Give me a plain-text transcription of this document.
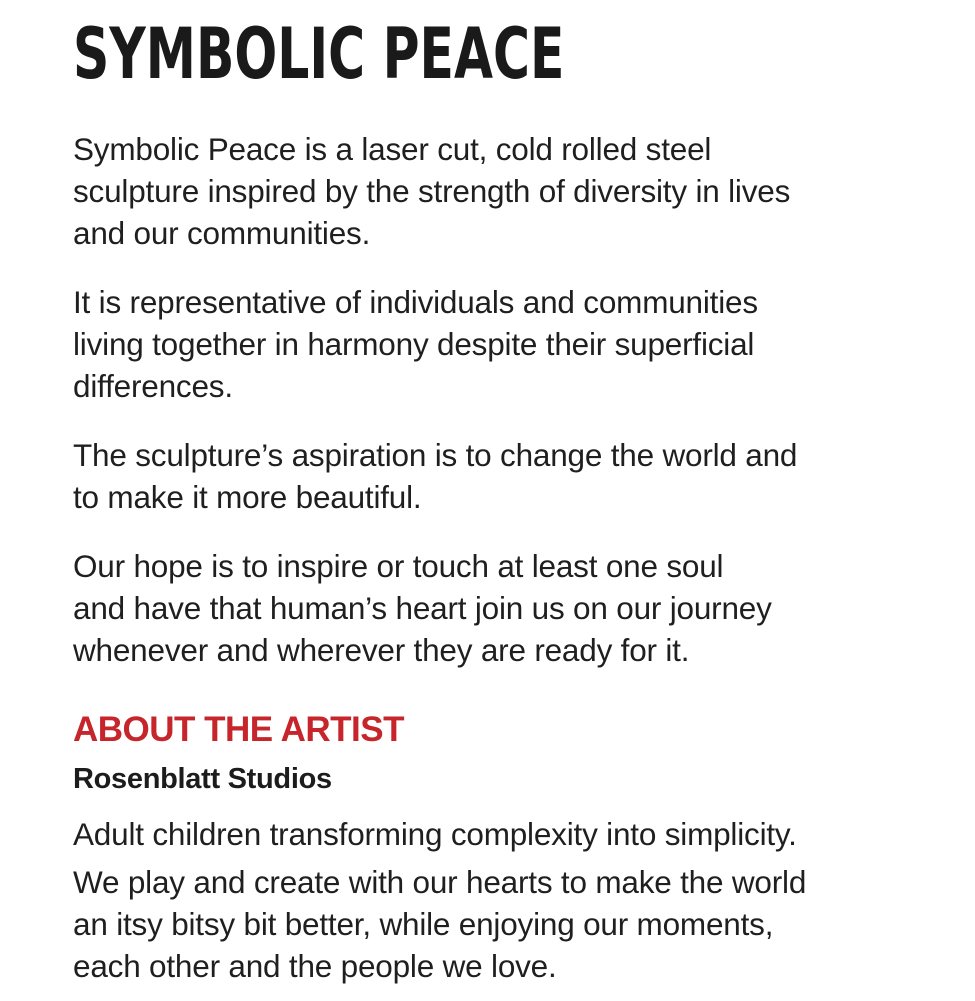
SYMBOLIC PEACE

Symbolic Peace is a laser cut, cold rolled steel
sculpture inspired by the strength of diversity in lives
and our communities.

It is representative of individuals and communities
living together in harmony despite their superficial
differences.

The sculpture’s aspiration is to change the world and
to make it more beautiful.

Our hope is to inspire or touch at least one soul
and have that human’s heart join us on our journey
whenever and wherever they are ready for it.

ABOUT THE ARTIST
Rosenblatt Studios

Adult children transforming complexity into simplicity.

We play and create with our hearts to make the world
an itsy bitsy bit better, while enjoying our moments,
each other and the people we love.
